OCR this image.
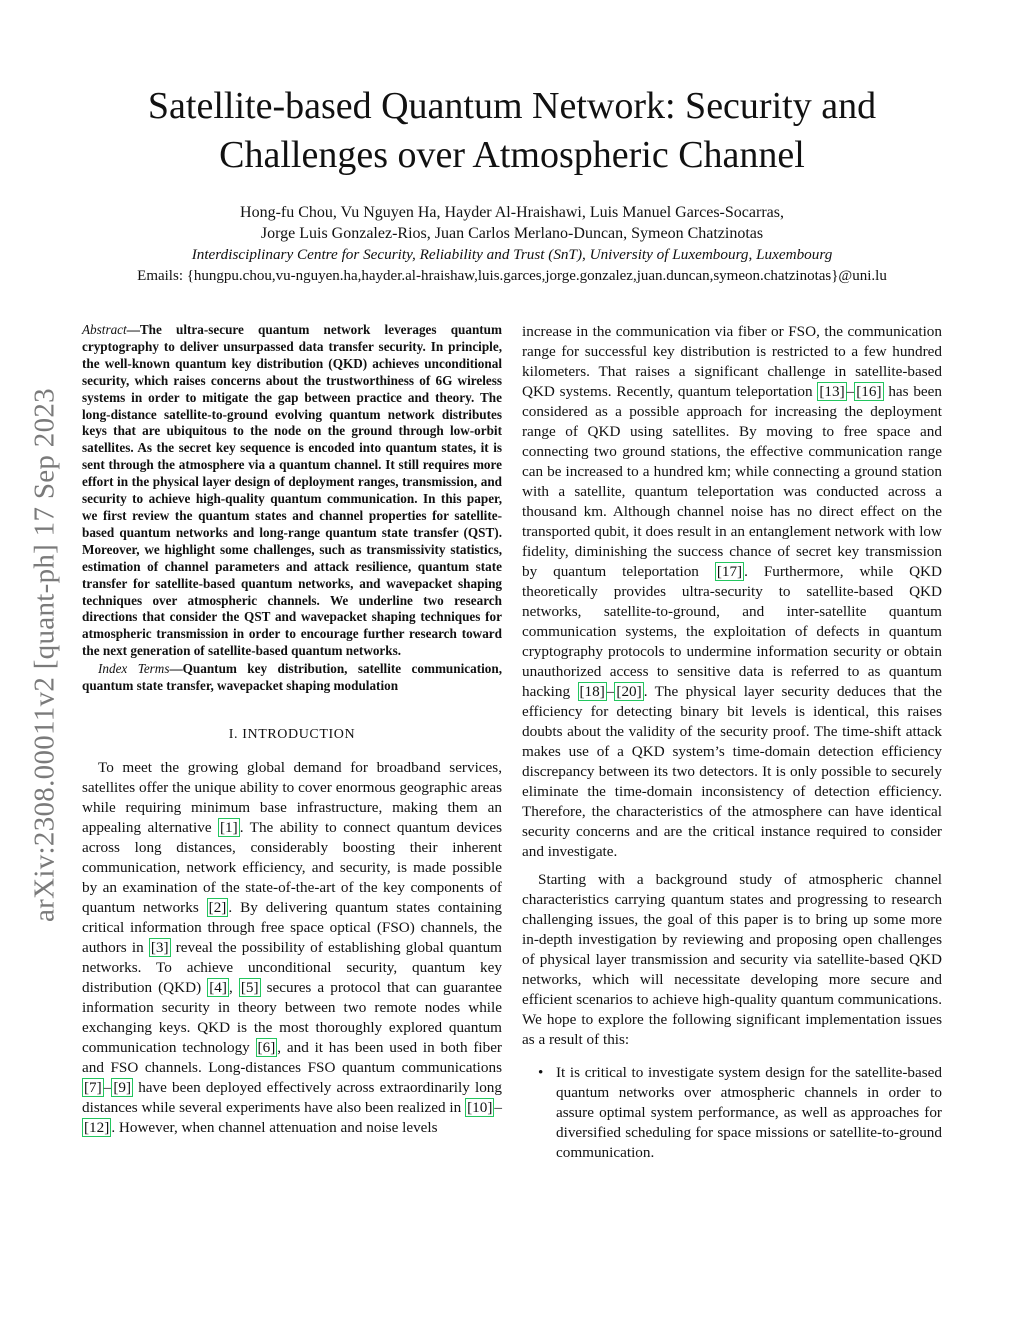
arXiv:2308.00011v2 [quant-ph] 17 Sep 2023
Satellite-based Quantum Network: Security and
Challenges over Atmospheric Channel
Hong-fu Chou, Vu Nguyen Ha, Hayder Al-Hraishawi, Luis Manuel Garces-Socarras,
Jorge Luis Gonzalez-Rios, Juan Carlos Merlano-Duncan, Symeon Chatzinotas
Interdisciplinary Centre for Security, Reliability and Trust (SnT), University of Luxembourg, Luxembourg
Emails: {hungpu.chou,vu-nguyen.ha,hayder.al-hraishaw,luis.garces,jorge.gonzalez,juan.duncan,symeon.chatzinotas}@uni.lu

Abstract—The ultra-secure quantum network leverages quantum cryptography to deliver unsurpassed data transfer security. In principle, the well-known quantum key distribution (QKD) achieves unconditional security, which raises concerns about the trustworthiness of 6G wireless systems in order to mitigate the gap between practice and theory. The long-distance satellite-to-ground evolving quantum network distributes keys that are ubiquitous to the node on the ground through low-orbit satellites. As the secret key sequence is encoded into quantum states, it is sent through the atmosphere via a quantum channel. It still requires more effort in the physical layer design of deployment ranges, transmission, and security to achieve high-quality quantum communication. In this paper, we first review the quantum states and channel properties for satellite-based quantum networks and long-range quantum state transfer (QST). Moreover, we highlight some challenges, such as transmissivity statistics, estimation of channel parameters and attack resilience, quantum state transfer for satellite-based quantum networks, and wavepacket shaping techniques over atmospheric channels. We underline two research directions that consider the QST and wavepacket shaping techniques for atmospheric transmission in order to encourage further research toward the next generation of satellite-based quantum networks.

Index Terms—Quantum key distribution, satellite communication, quantum state transfer, wavepacket shaping modulation

I. INTRODUCTION

To meet the growing global demand for broadband services, satellites offer the unique ability to cover enormous geographic areas while requiring minimum base infrastructure, making them an appealing alternative [1] . The ability to connect quantum devices across long distances, considerably boosting their inherent communication, network efficiency, and security, is made possible by an examination of the state-of-the-art of the key components of quantum networks [2] . By delivering quantum states containing critical information through free space optical (FSO) channels, the authors in [3] reveal the possibility of establishing global quantum networks. To achieve unconditional security, quantum key distribution (QKD) [4] , [5] secures a protocol that can guarantee information security in theory between two remote nodes while exchanging keys. QKD is the most thoroughly explored quantum communication technology [6] , and it has been used in both fiber and FSO channels. Long-distances FSO quantum communications [7] – [9] have been deployed effectively across extraordinarily long distances while several experiments have also been realized in [10] –[12] . However, when channel attenuation and noise levels

increase in the communication via fiber or FSO, the communication range for successful key distribution is restricted to a few hundred kilometers. That raises a significant challenge in satellite-based QKD systems. Recently, quantum teleportation [13] – [16] has been considered as a possible approach for increasing the deployment range of QKD using satellites. By moving to free space and connecting two ground stations, the effective communication range can be increased to a hundred km; while connecting a ground station with a satellite, quantum teleportation was conducted across a thousand km. Although channel noise has no direct effect on the transported qubit, it does result in an entanglement network with low fidelity, diminishing the success chance of secret key transmission by quantum teleportation [17] . Furthermore, while QKD theoretically provides ultra-security to satellite-based QKD networks, satellite-to-ground, and inter-satellite quantum communication systems, the exploitation of defects in quantum cryptography protocols to undermine information security or obtain unauthorized access to sensitive data is referred to as quantum hacking [18] – [20] . The physical layer security deduces that the efficiency for detecting binary bit levels is identical, this raises doubts about the validity of the security proof. The time-shift attack makes use of a QKD system’s time-domain detection efficiency discrepancy between its two detectors. It is only possible to securely eliminate the time-domain inconsistency of detection efficiency. Therefore, the characteristics of the atmosphere can have identical security concerns and are the critical instance required to consider and investigate.

Starting with a background study of atmospheric channel characteristics carrying quantum states and progressing to research challenging issues, the goal of this paper is to bring up some more in-depth investigation by reviewing and proposing open challenges of physical layer transmission and security via satellite-based QKD networks, which will necessitate developing more secure and efficient scenarios to achieve high-quality quantum communications. We hope to explore the following significant implementation issues as a result of this:

• It is critical to investigate system design for the satellite-based quantum networks over atmospheric channels in order to assure optimal system performance, as well as approaches for diversified scheduling for space missions or satellite-to-ground communication.
